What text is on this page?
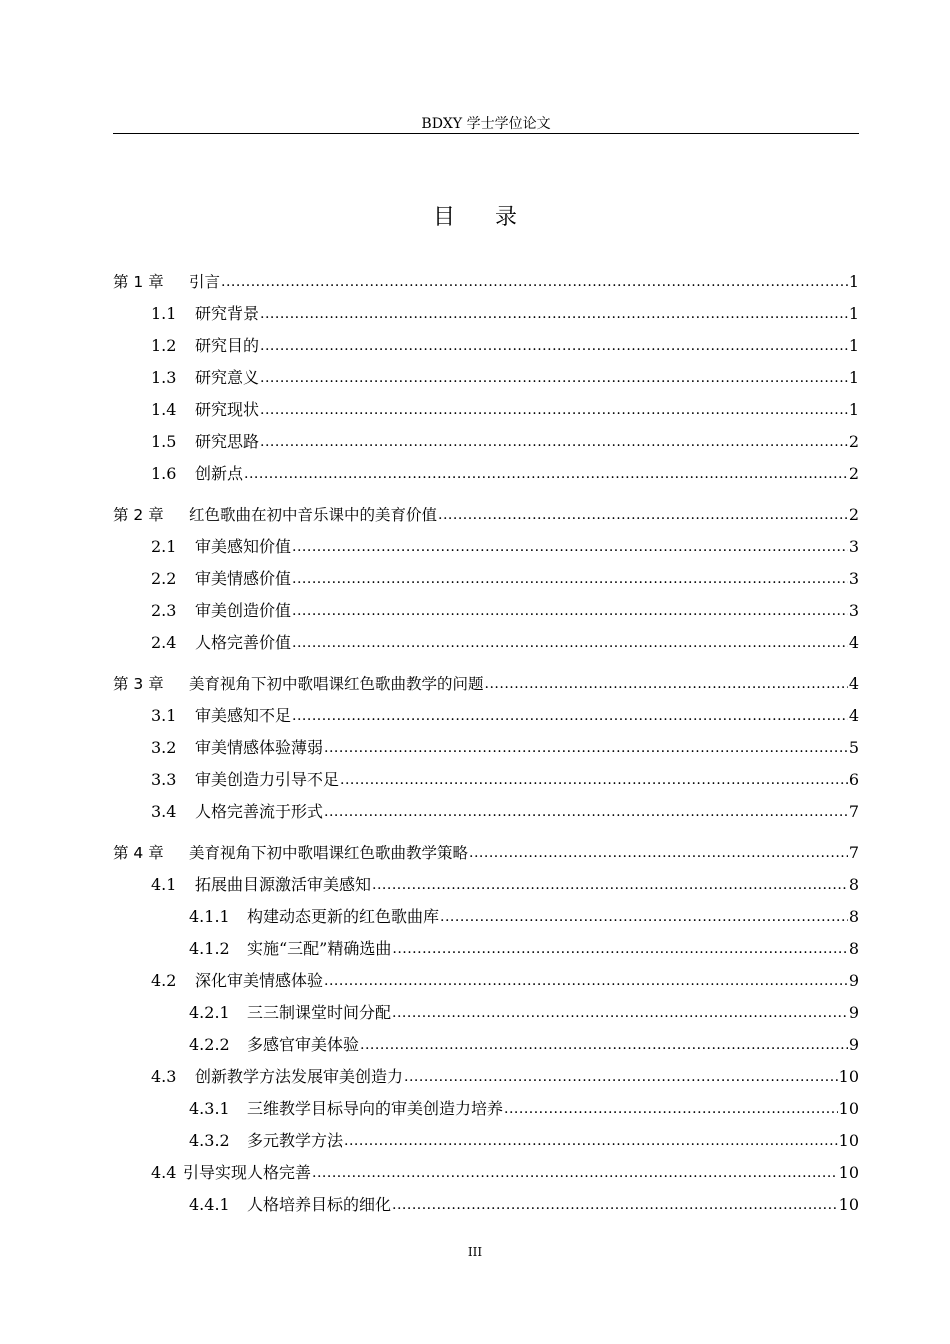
BDXY 学士学位论文
目录
第 1 章	引言 .....	1
1.1	研究背景 .....	1
1.2	研究目的 .....	1
1.3	研究意义 .....	1
1.4	研究现状 .....	1
1.5	研究思路 .....	2
1.6	创新点 .....	2
第 2 章	红色歌曲在初中音乐课中的美育价值 .....	2
2.1	审美感知价值 .....	3
2.2	审美情感价值 .....	3
2.3	审美创造价值 .....	3
2.4	人格完善价值 .....	4
第 3 章	美育视角下初中歌唱课红色歌曲教学的问题 .....	4
3.1	审美感知不足 .....	4
3.2	审美情感体验薄弱 .....	5
3.3	审美创造力引导不足 .....	6
3.4	人格完善流于形式 .....	7
第 4 章	美育视角下初中歌唱课红色歌曲教学策略 .....	7
4.1	拓展曲目源激活审美感知 .....	8
4.1.1	构建动态更新的红色歌曲库 .....	8
4.1.2	实施“三配”精确选曲 .....	8
4.2	深化审美情感体验 .....	9
4.2.1	三三制课堂时间分配 .....	9
4.2.2	多感官审美体验 .....	9
4.3	创新教学方法发展审美创造力 .....	10
4.3.1	三维教学目标导向的审美创造力培养 .....	10
4.3.2	多元教学方法 .....	10
4.4 引导实现人格完善 .....	10
4.4.1	人格培养目标的细化 .....	10
III
